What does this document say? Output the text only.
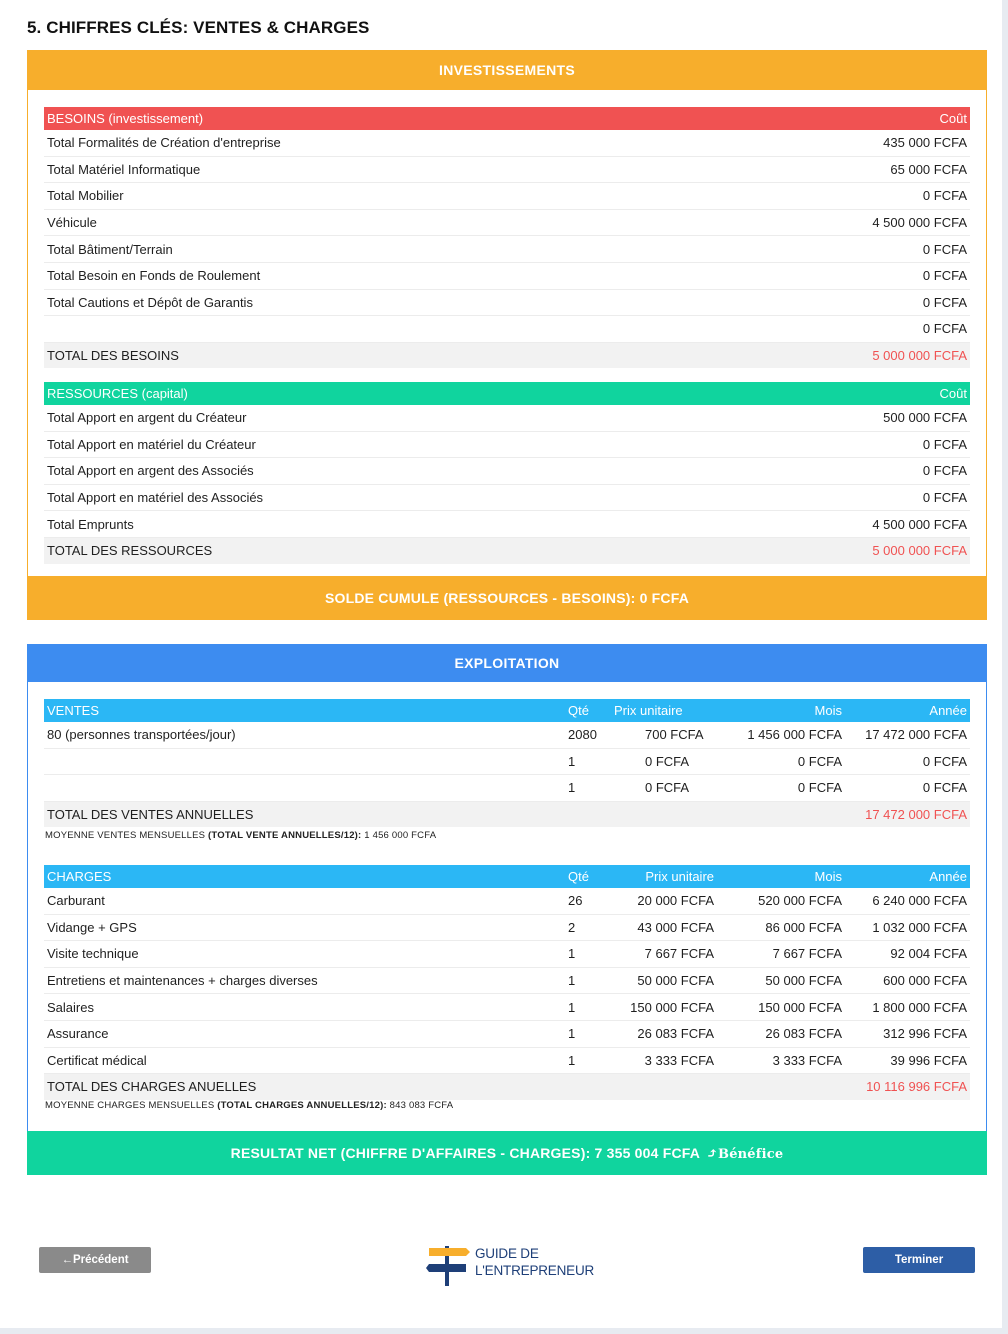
5. CHIFFRES CLÉS: VENTES & CHARGES
INVESTISSEMENTS
BESOINS (investissement)	Coût
Total Formalités de Création d'entreprise	435 000 FCFA
Total Matériel Informatique	65 000 FCFA
Total Mobilier	0 FCFA
Véhicule	4 500 000 FCFA
Total Bâtiment/Terrain	0 FCFA
Total Besoin en Fonds de Roulement	0 FCFA
Total Cautions et Dépôt de Garantis	0 FCFA
	0 FCFA
TOTAL DES BESOINS	5 000 000 FCFA
RESSOURCES (capital)	Coût
Total Apport en argent du Créateur	500 000 FCFA
Total Apport en matériel du Créateur	0 FCFA
Total Apport en argent des Associés	0 FCFA
Total Apport en matériel des Associés	0 FCFA
Total Emprunts	4 500 000 FCFA
TOTAL DES RESSOURCES	5 000 000 FCFA
SOLDE CUMULE (RESSOURCES - BESOINS): 0 FCFA
EXPLOITATION
VENTES	Qté	Prix unitaire	Mois	Année
80 (personnes transportées/jour)	2080	700 FCFA	1 456 000 FCFA	17 472 000 FCFA
	1	0 FCFA	0 FCFA	0 FCFA
	1	0 FCFA	0 FCFA	0 FCFA
TOTAL DES VENTES ANNUELLES				17 472 000 FCFA
MOYENNE VENTES MENSUELLES (TOTAL VENTE ANNUELLES/12): 1 456 000 FCFA
CHARGES	Qté	Prix unitaire	Mois	Année
Carburant	26	20 000 FCFA	520 000 FCFA	6 240 000 FCFA
Vidange + GPS	2	43 000 FCFA	86 000 FCFA	1 032 000 FCFA
Visite technique	1	7 667 FCFA	7 667 FCFA	92 004 FCFA
Entretiens et maintenances + charges diverses	1	50 000 FCFA	50 000 FCFA	600 000 FCFA
Salaires	1	150 000 FCFA	150 000 FCFA	1 800 000 FCFA
Assurance	1	26 083 FCFA	26 083 FCFA	312 996 FCFA
Certificat médical	1	3 333 FCFA	3 333 FCFA	39 996 FCFA
TOTAL DES CHARGES ANUELLES				10 116 996 FCFA
MOYENNE CHARGES MENSUELLES (TOTAL CHARGES ANNUELLES/12): 843 083 FCFA
RESULTAT NET (CHIFFRE D'AFFAIRES - CHARGES): 7 355 004 FCFA ⤴Bénéfice
←Précédent	GUIDE DE
L'ENTREPRENEUR
Terminer
